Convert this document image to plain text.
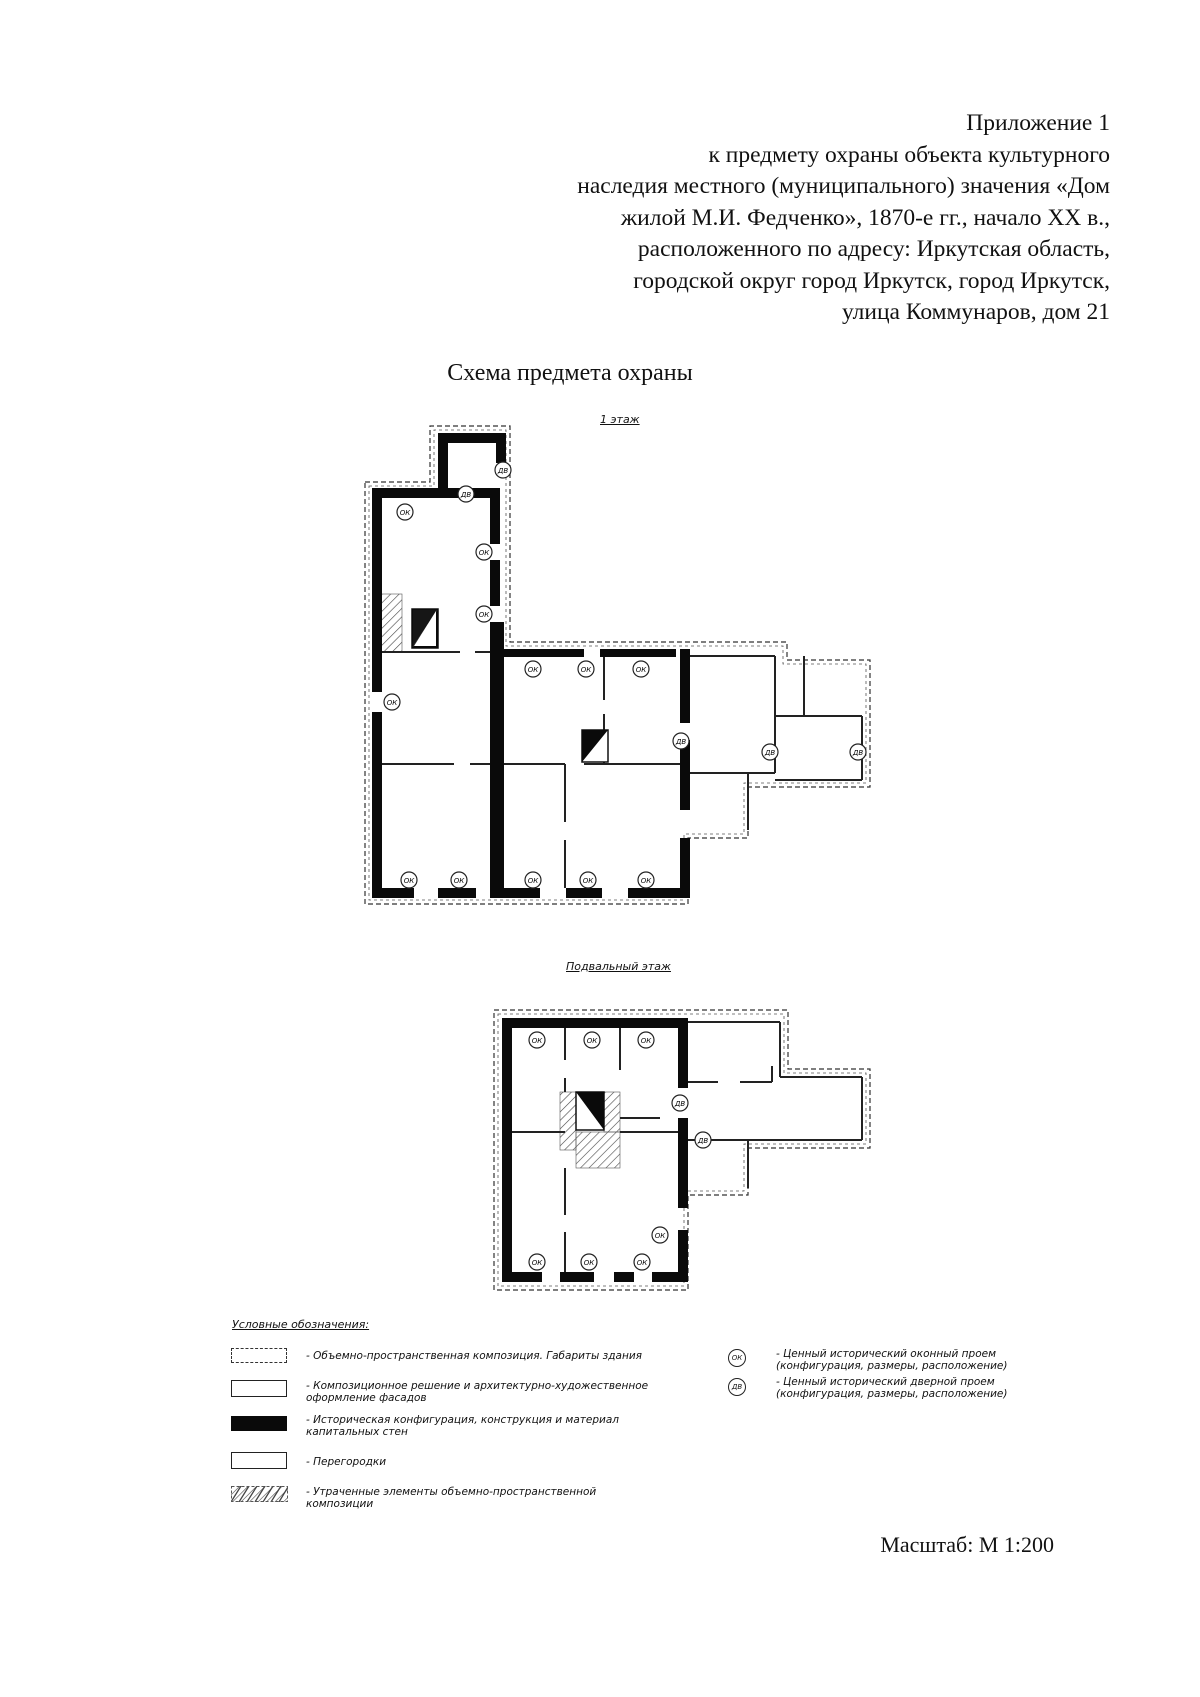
Приложение 1
к предмету охраны объекта культурного
наследия местного (муниципального) значения «Дом
жилой М.И. Федченко», 1870-е гг., начало XX в.,
расположенного по адресу: Иркутская область,
городской округ город Иркутск, город Иркутск,
улица Коммунаров, дом 21
Схема предмета охраны
1 этаж
Подвальный этаж
ОК
ДВ
ДВ
ОК
ОК
ОК
ОК	ОК	ОК
ДВ
ДВ	ДВ
ОК	ОК	ОК	ОК	ОК
ОК	ОК	ОК
ДВ
ДВ
ОК
ОК	ОК	ОК
Условные обозначения:
- Объемно-пространственная композиция. Габариты здания
- Композиционное решение и архитектурно-художественное оформление фасадов
- Историческая конфигурация, конструкция и материал капитальных стен
- Перегородки
- Утраченные элементы объемно-пространственной композиции
ОК	- Ценный исторический оконный проем (конфигурация, размеры, расположение)
ДВ	- Ценный исторический дверной проем (конфигурация, размеры, расположение)
Масштаб: М 1:200
